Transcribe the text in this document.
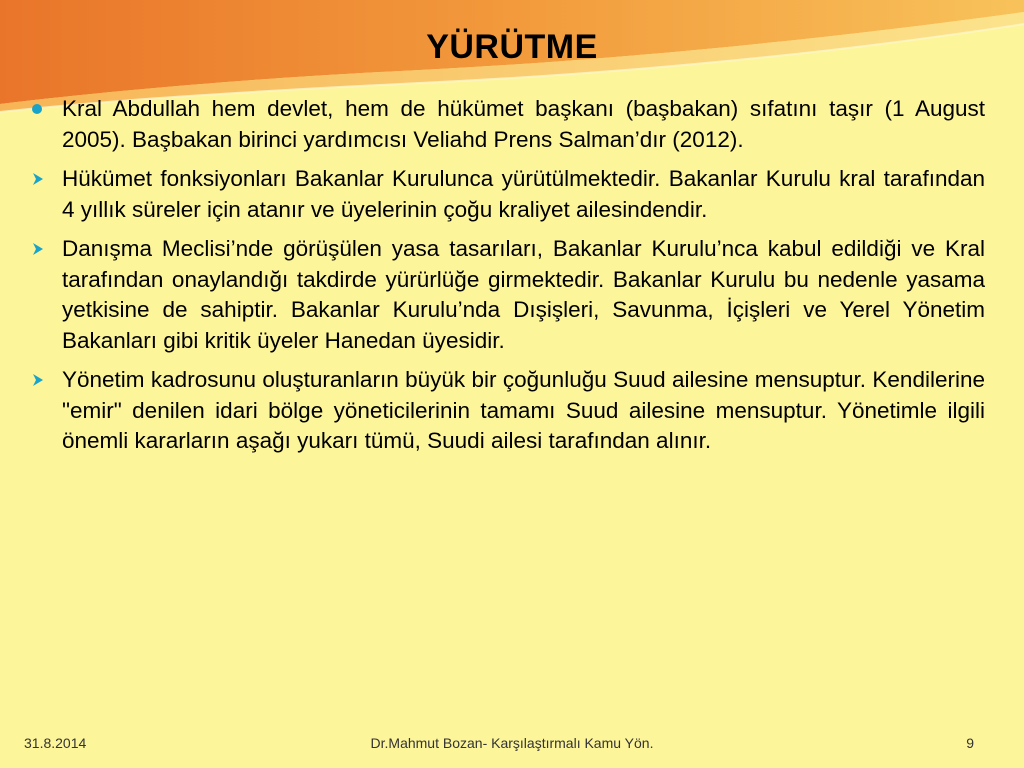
YÜRÜTME
Kral Abdullah hem devlet, hem de hükümet başkanı (başbakan) sıfatını taşır (1 August 2005). Başbakan birinci yardımcısı Veliahd Prens Salman’dır (2012).
Hükümet fonksiyonları Bakanlar Kurulunca yürütülmektedir. Bakanlar Kurulu kral tarafından 4 yıllık süreler için atanır ve üyelerinin çoğu kraliyet ailesindendir.
Danışma Meclisi’nde görüşülen yasa tasarıları, Bakanlar Kurulu’nca kabul edildiği ve Kral tarafından onaylandığı takdirde yürürlüğe girmektedir. Bakanlar Kurulu bu nedenle yasama yetkisine de sahiptir. Bakanlar Kurulu’nda Dışişleri, Savunma, İçişleri ve Yerel Yönetim Bakanları gibi kritik üyeler Hanedan üyesidir.
Yönetim kadrosunu oluşturanların büyük bir çoğunluğu Suud ailesine mensuptur. Kendilerine "emir" denilen idari bölge yöneticilerinin tamamı Suud ailesine mensuptur. Yönetimle ilgili önemli kararların aşağı yukarı tümü, Suudi ailesi tarafından alınır.
31.8.2014	Dr.Mahmut Bozan- Karşılaştırmalı Kamu Yön.	9
